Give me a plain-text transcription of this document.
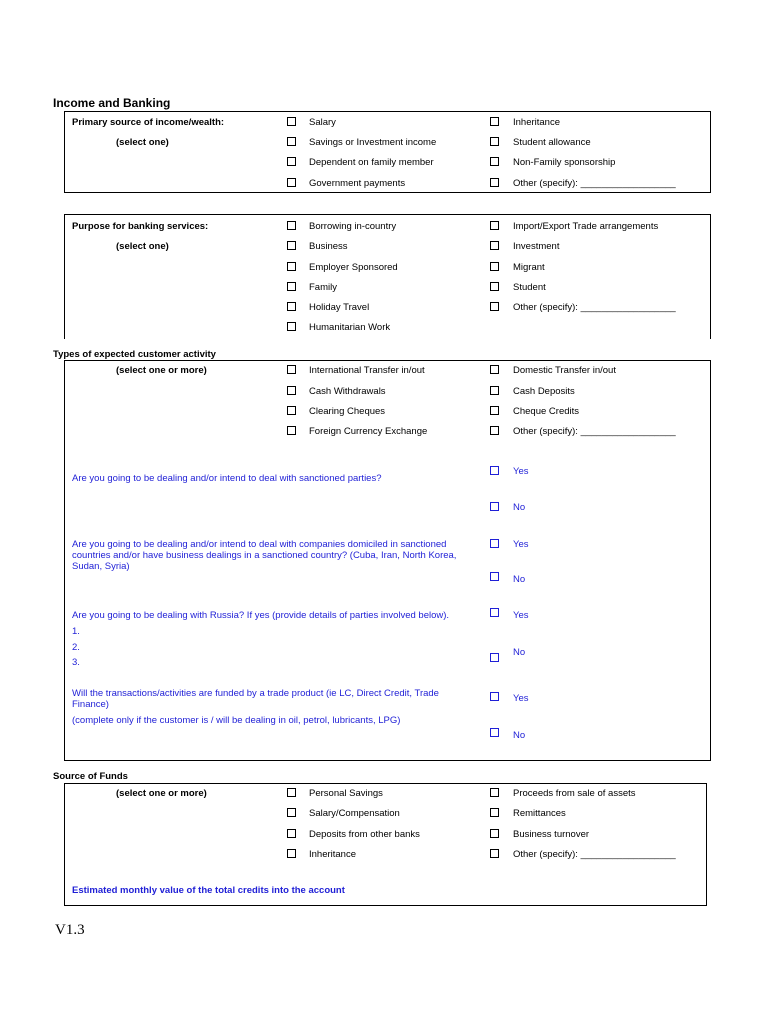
Income and Banking
Primary source of income/wealth:
(select one)
Salary
Savings or Investment income
Dependent on family member
Government payments
Inheritance
Student allowance
Non-Family sponsorship
Other (specify): __________________
Purpose for banking services:
(select one)
Borrowing in-country
Business
Employer Sponsored
Family
Holiday Travel
Humanitarian Work
Import/Export Trade arrangements
Investment
Migrant
Student
Other (specify): __________________
Types of expected customer activity
(select one or more)	International Transfer in/out
Cash Withdrawals
Clearing Cheques
Foreign Currency Exchange
Domestic Transfer in/out
Cash Deposits
Cheque Credits
Other (specify): __________________
Are you going to be dealing and/or intend to deal with sanctioned parties?
Yes
No
Are you going to be dealing and/or intend to deal with companies domiciled in sanctioned countries and/or have business dealings in a sanctioned country? (Cuba, Iran, North Korea, Sudan, Syria)
Yes
No
Are you going to be dealing with Russia? If yes (provide details of parties involved below).
1.
2.
3.
Yes
No
Will the transactions/activities are funded by a trade product (ie LC, Direct Credit, Trade Finance)
(complete only if the customer is / will be dealing in oil, petrol, lubricants, LPG)
Yes
No
Source of Funds
(select one or more)	Personal Savings
Salary/Compensation
Deposits from other banks
Inheritance
Proceeds from sale of assets
Remittances
Business turnover
Other (specify): __________________
Estimated monthly value of the total credits into the account
V1.3
